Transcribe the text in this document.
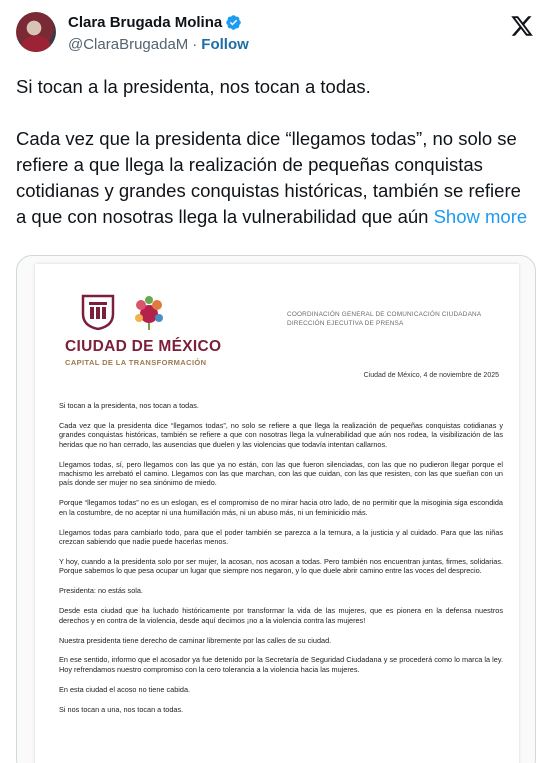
Clara Brugada Molina
@ClaraBrugadaM · Follow

Si tocan a la presidenta, nos tocan a todas.

Cada vez que la presidenta dice “llegamos todas”, no solo se refiere a que llega la realización de pequeñas conquistas cotidianas y grandes conquistas históricas, también se refiere a que con nosotras llega la vulnerabilidad que aún Show more

CIUDAD DE MÉXICO
CAPITAL DE LA TRANSFORMACIÓN
COORDINACIÓN GENERAL DE COMUNICACIÓN CIUDADANA
DIRECCIÓN EJECUTIVA DE PRENSA
Ciudad de México, 4 de noviembre de 2025

Si tocan a la presidenta, nos tocan a todas.

Cada vez que la presidenta dice “llegamos todas”, no solo se refiere a que llega la realización de pequeñas conquistas cotidianas y grandes conquistas históricas, también se refiere a que con nosotras llega la vulnerabilidad que aún nos rodea, la visibilización de las heridas que no han cerrado, las ausencias que duelen y las violencias que todavía intentan callarnos.

Llegamos todas, sí, pero llegamos con las que ya no están, con las que fueron silenciadas, con las que no pudieron llegar porque el machismo les arrebató el camino. Llegamos con las que marchan, con las que cuidan, con las que resisten, con las que sueñan con un país donde ser mujer no sea sinónimo de miedo.

Porque “llegamos todas” no es un eslogan, es el compromiso de no mirar hacia otro lado, de no permitir que la misoginia siga escondida en la costumbre, de no aceptar ni una humillación más, ni un abuso más, ni un feminicidio más.

Llegamos todas para cambiarlo todo, para que el poder también se parezca a la ternura, a la justicia y al cuidado. Para que las niñas crezcan sabiendo que nadie puede hacerlas menos.

Y hoy, cuando a la presidenta solo por ser mujer, la acosan, nos acosan a todas. Pero también nos encuentran juntas, firmes, solidarias. Porque sabemos lo que pesa ocupar un lugar que siempre nos negaron, y lo que duele abrir camino entre las voces del desprecio.

Presidenta: no estás sola.

Desde esta ciudad que ha luchado históricamente por transformar la vida de las mujeres, que es pionera en la defensa nuestros derechos y en contra de la violencia, desde aquí decimos ¡no a la violencia contra las mujeres!

Nuestra presidenta tiene derecho de caminar libremente por las calles de su ciudad.

En ese sentido, informo que el acosador ya fue detenido por la Secretaría de Seguridad Ciudadana y se procederá como lo marca la ley. Hoy refrendamos nuestro compromiso con la cero tolerancia a la violencia hacia las mujeres.

En esta ciudad el acoso no tiene cabida.

Si nos tocan a una, nos tocan a todas.
